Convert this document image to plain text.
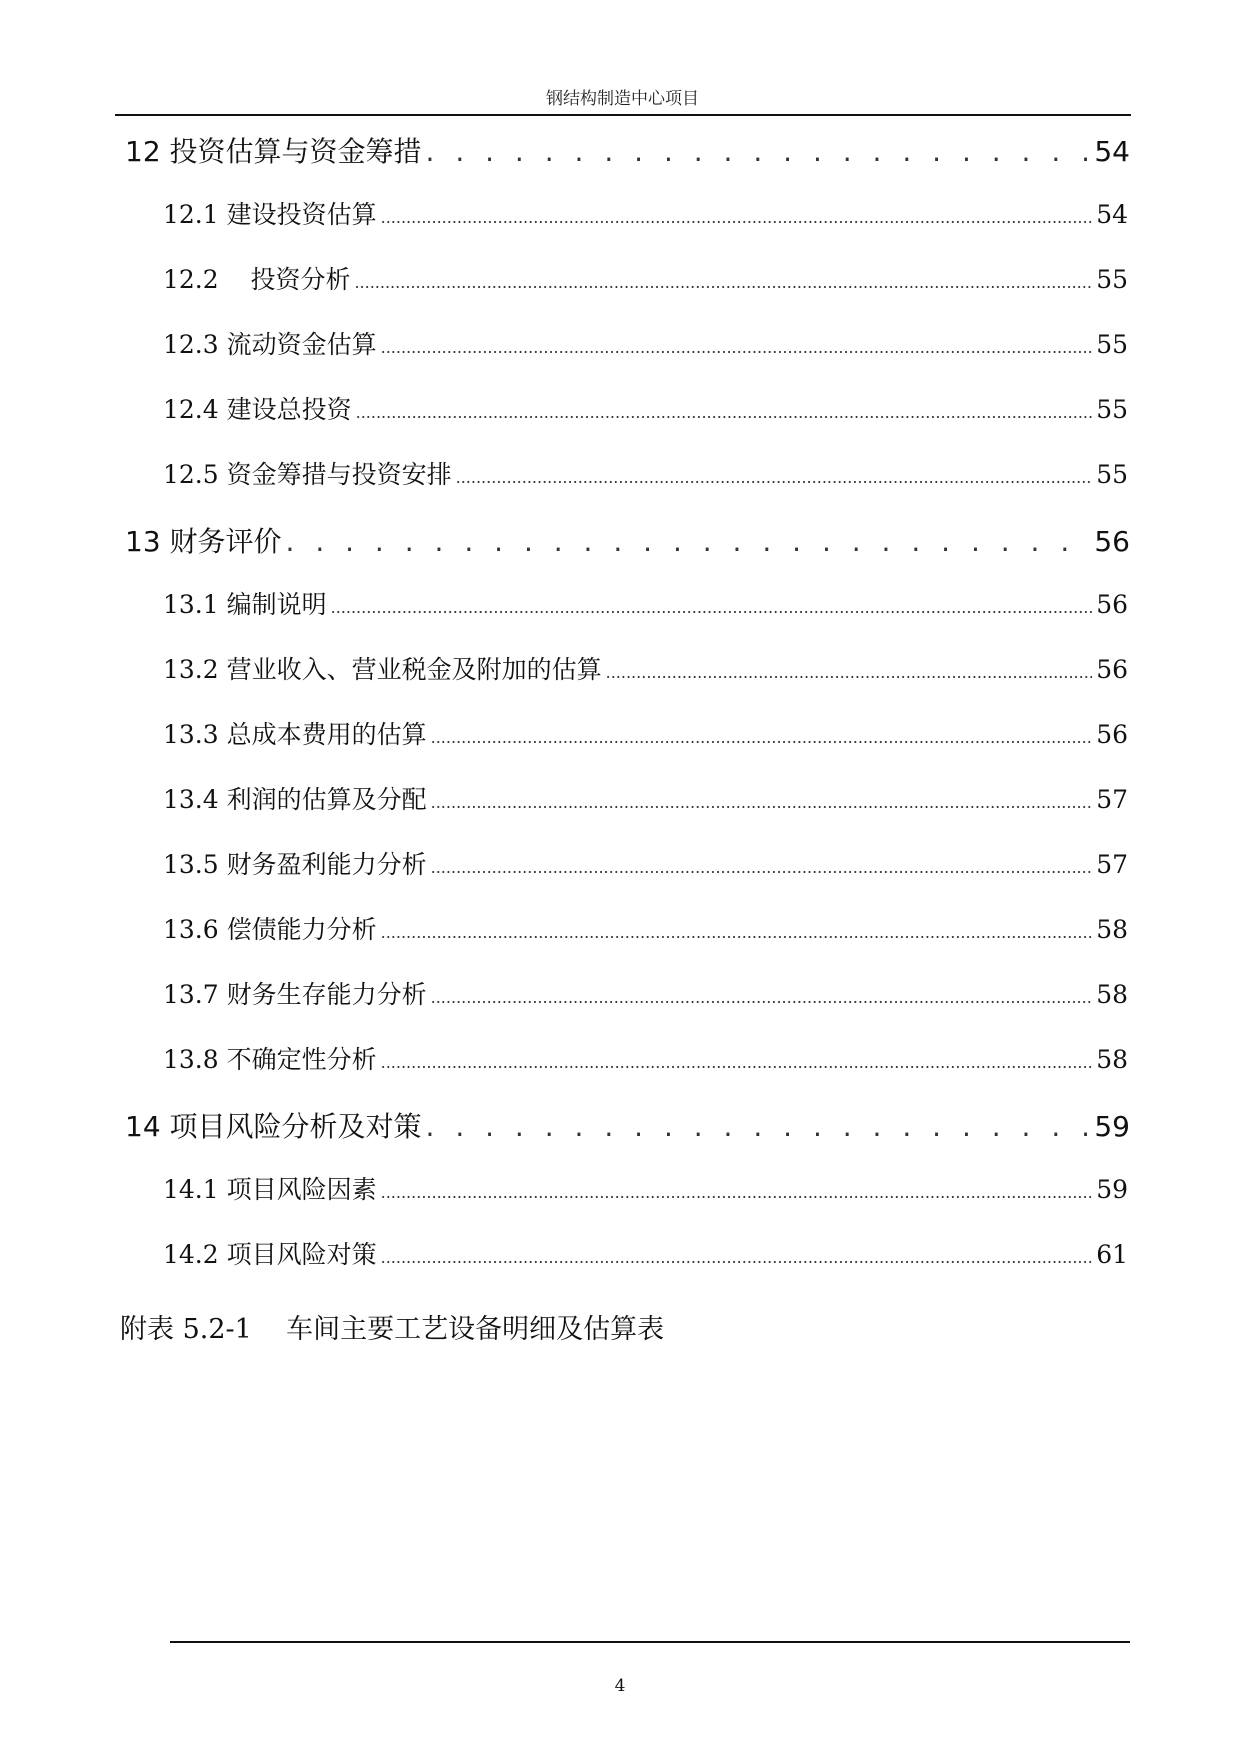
钢结构制造中心项目
12 投资估算与资金筹措 . . .	54
12.1 建设投资估算 .....	54
12.2    投资分析 .....	55
12.3 流动资金估算 .....	55
12.4 建设总投资 .....	55
12.5 资金筹措与投资安排 .....	55
13 财务评价 . . .	56
13.1 编制说明 .....	56
13.2 营业收入、营业税金及附加的估算 .....	56
13.3 总成本费用的估算 .....	56
13.4 利润的估算及分配 .....	57
13.5 财务盈利能力分析 .....	57
13.6 偿债能力分析 .....	58
13.7 财务生存能力分析 .....	58
13.8 不确定性分析 .....	58
14 项目风险分析及对策 . . .	59
14.1 项目风险因素 .....	59
14.2 项目风险对策 .....	61
附表 5.2-1    车间主要工艺设备明细及估算表
4
